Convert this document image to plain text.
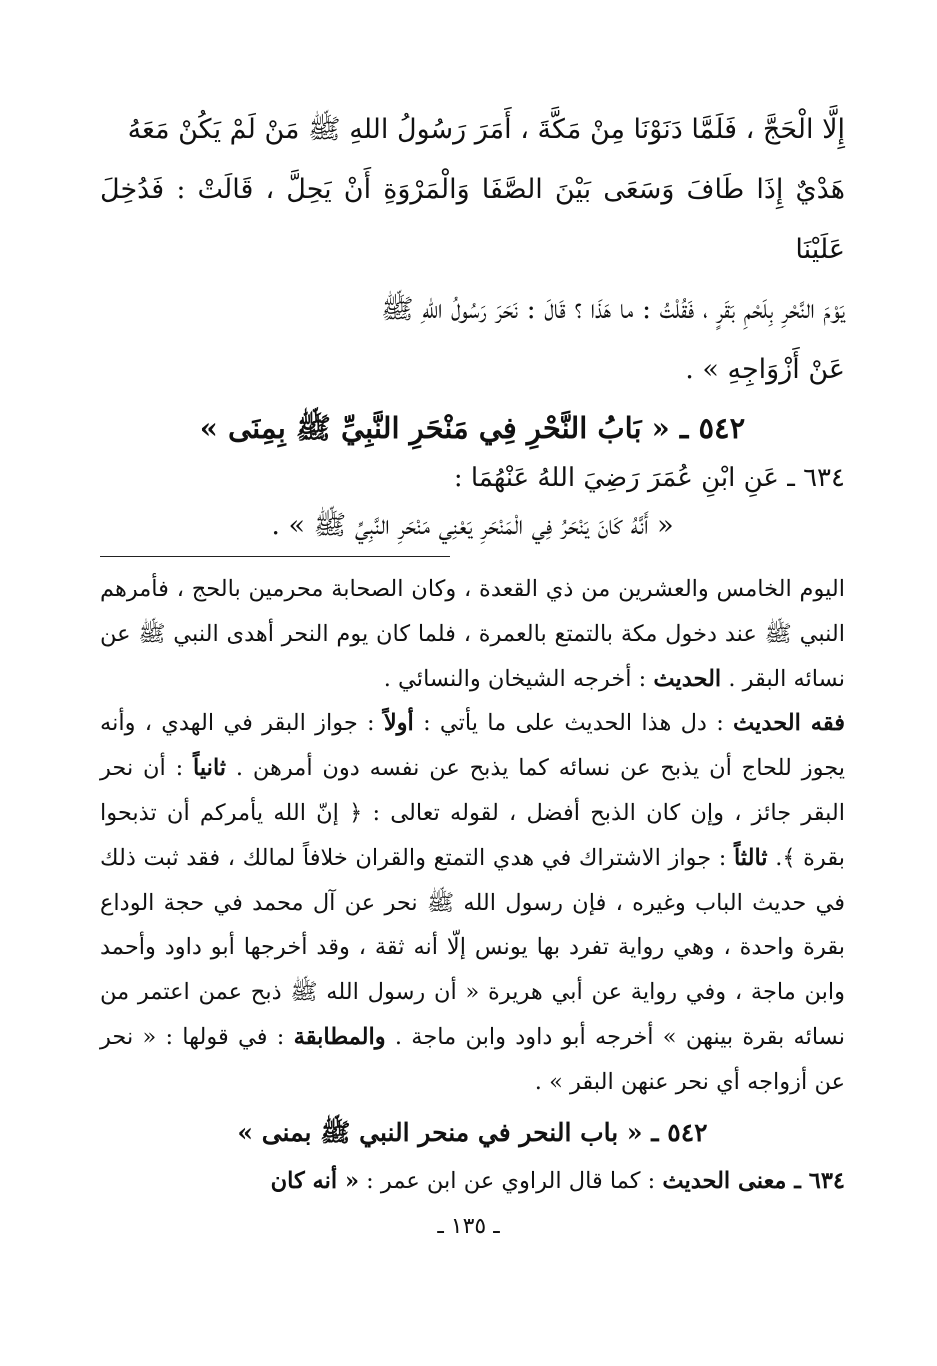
إِلَّا الْحَجَّ ، فَلَمَّا دَنَوْنَا مِنْ مَكَّةَ ، أَمَرَ رَسُولُ اللهِ ﷺ مَنْ لَمْ يَكُنْ مَعَهُ

هَدْيٌ إِذَا طَافَ وَسَعَى بَيْنَ الصَّفَا وَالْمَرْوَةِ أَنْ يَحِلَّ ، قَالَتْ : فَدُخِلَ عَلَيْنَا

يَوْمَ النَّحْرِ بِلَحْمِ بَقَرٍ ، فَقُلْتُ : ما هَذَا ؟ قَالَ : نَحَرَ رَسُولُ اللهِ ﷺ

عَنْ أَزْوَاجِهِ » .

٥٤٢ ـ « بَابُ النَّحْرِ فِي مَنْحَرِ النَّبِيِّ ﷺ بِمِنَى »

٦٣٤ ـ عَنِ ابْنِ عُمَرَ رَضِيَ اللهُ عَنْهُمَا :

« أَنَّهُ كَانَ يَنْحَرُ فِي الْمَنْحَرِ يَعْنِي مَنْحَرِ النَّبِيِّ ﷺ » .

اليوم الخامس والعشرين من ذي القعدة ، وكان الصحابة محرمين بالحج ، فأمرهم النبي ﷺ عند دخول مكة بالتمتع بالعمرة ، فلما كان يوم النحر أهدى النبي ﷺ عن نسائه البقر . الحديث : أخرجه الشيخان والنسائي .

فقه الحديث : دل هذا الحديث على ما يأتي : أولاً : جواز البقر في الهدي ، وأنه يجوز للحاج أن يذبح عن نسائه كما يذبح عن نفسه دون أمرهن . ثانياً : أن نحر البقر جائز ، وإن كان الذبح أفضل ، لقوله تعالى : ﴿ إنّ الله يأمركم أن تذبحوا بقرة ﴾. ثالثاً : جواز الاشتراك في هدي التمتع والقران خلافاً لمالك ، فقد ثبت ذلك في حديث الباب وغيره ، فإن رسول الله ﷺ نحر عن آل محمد في حجة الوداع بقرة واحدة ، وهي رواية تفرد بها يونس إلّا أنه ثقة ، وقد أخرجها أبو داود وأحمد وابن ماجة ، وفي رواية عن أبي هريرة « أن رسول الله ﷺ ذبح عمن اعتمر من نسائه بقرة بينهن » أخرجه أبو داود وابن ماجة . والمطابقة : في قولها : « نحر عن أزواجه أي نحر عنهن البقر » .

٥٤٢ ـ « باب النحر في منحر النبي ﷺ بمنى »

٦٣٤ ـ معنى الحديث : كما قال الراوي عن ابن عمر : « أنه كان

ـ ١٣٥ ـ
